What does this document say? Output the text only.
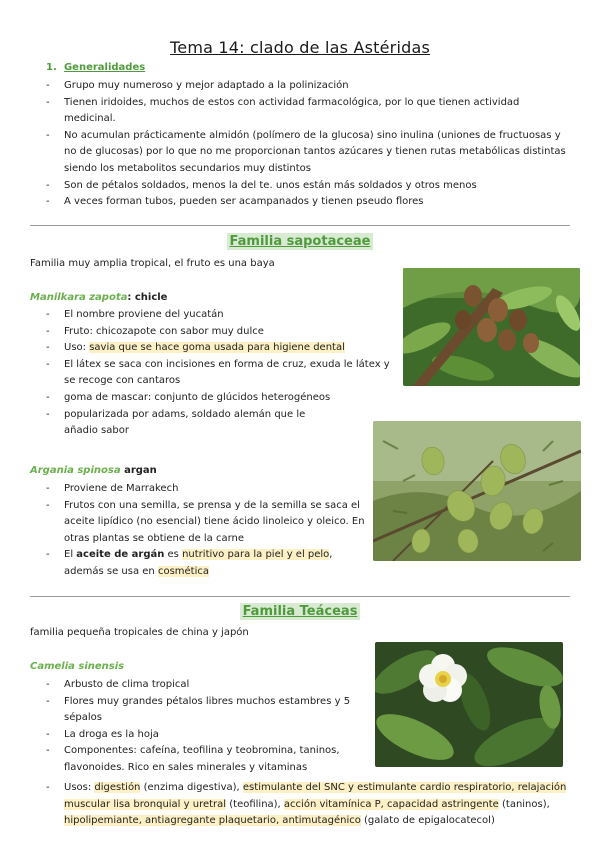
Tema 14: clado de las Astéridas
1. Generalidades
- Grupo muy numeroso y mejor adaptado a la polinización
- Tienen iridoides, muchos de estos con actividad farmacológica, por lo que tienen actividad medicinal.
- No acumulan prácticamente almidón (polímero de la glucosa) sino inulina (uniones de fructuosas y no de glucosas) por lo que no me proporcionan tantos azúcares y tienen rutas metabólicas distintas siendo los metabolitos secundarios muy distintos
- Son de pétalos soldados, menos la del te. unos están más soldados y otros menos
- A veces forman tubos, pueden ser acampanados y tienen pseudo flores
Familia sapotaceae
Familia muy amplia tropical, el fruto es una baya
Manilkara zapota: chicle
- El nombre proviene del yucatán
- Fruto: chicozapote con sabor muy dulce
- Uso: savia que se hace goma usada para higiene dental
- El látex se saca con incisiones en forma de cruz, exuda le látex y se recoge con cantaros
- goma de mascar: conjunto de glúcidos heterogéneos
- popularizada por adams, soldado alemán que le añadio sabor
Argania spinosa argan
- Proviene de Marrakech
- Frutos con una semilla, se prensa y de la semilla se saca el aceite lipídico (no esencial) tiene ácido linoleico y oleico. En otras plantas se obtiene de la carne
- El aceite de argán es nutritivo para la piel y el pelo, además se usa en cosmética
Familia Teáceas
familia pequeña tropicales de china y japón
Camelia sinensis
- Arbusto de clima tropical
- Flores muy grandes pétalos libres muchos estambres y 5 sépalos
- La droga es la hoja
- Componentes: cafeína, teofilina y teobromina, taninos, flavonoides. Rico en sales minerales y vitaminas
- Usos: digestión (enzima digestiva), estimulante del SNC y estimulante cardio respiratorio, relajación muscular lisa bronquial y uretral (teofilina), acción vitamínica P, capacidad astringente (taninos), hipolipemiante, antiagregante plaquetario, antimutagénico (galato de epigalocatecol)
